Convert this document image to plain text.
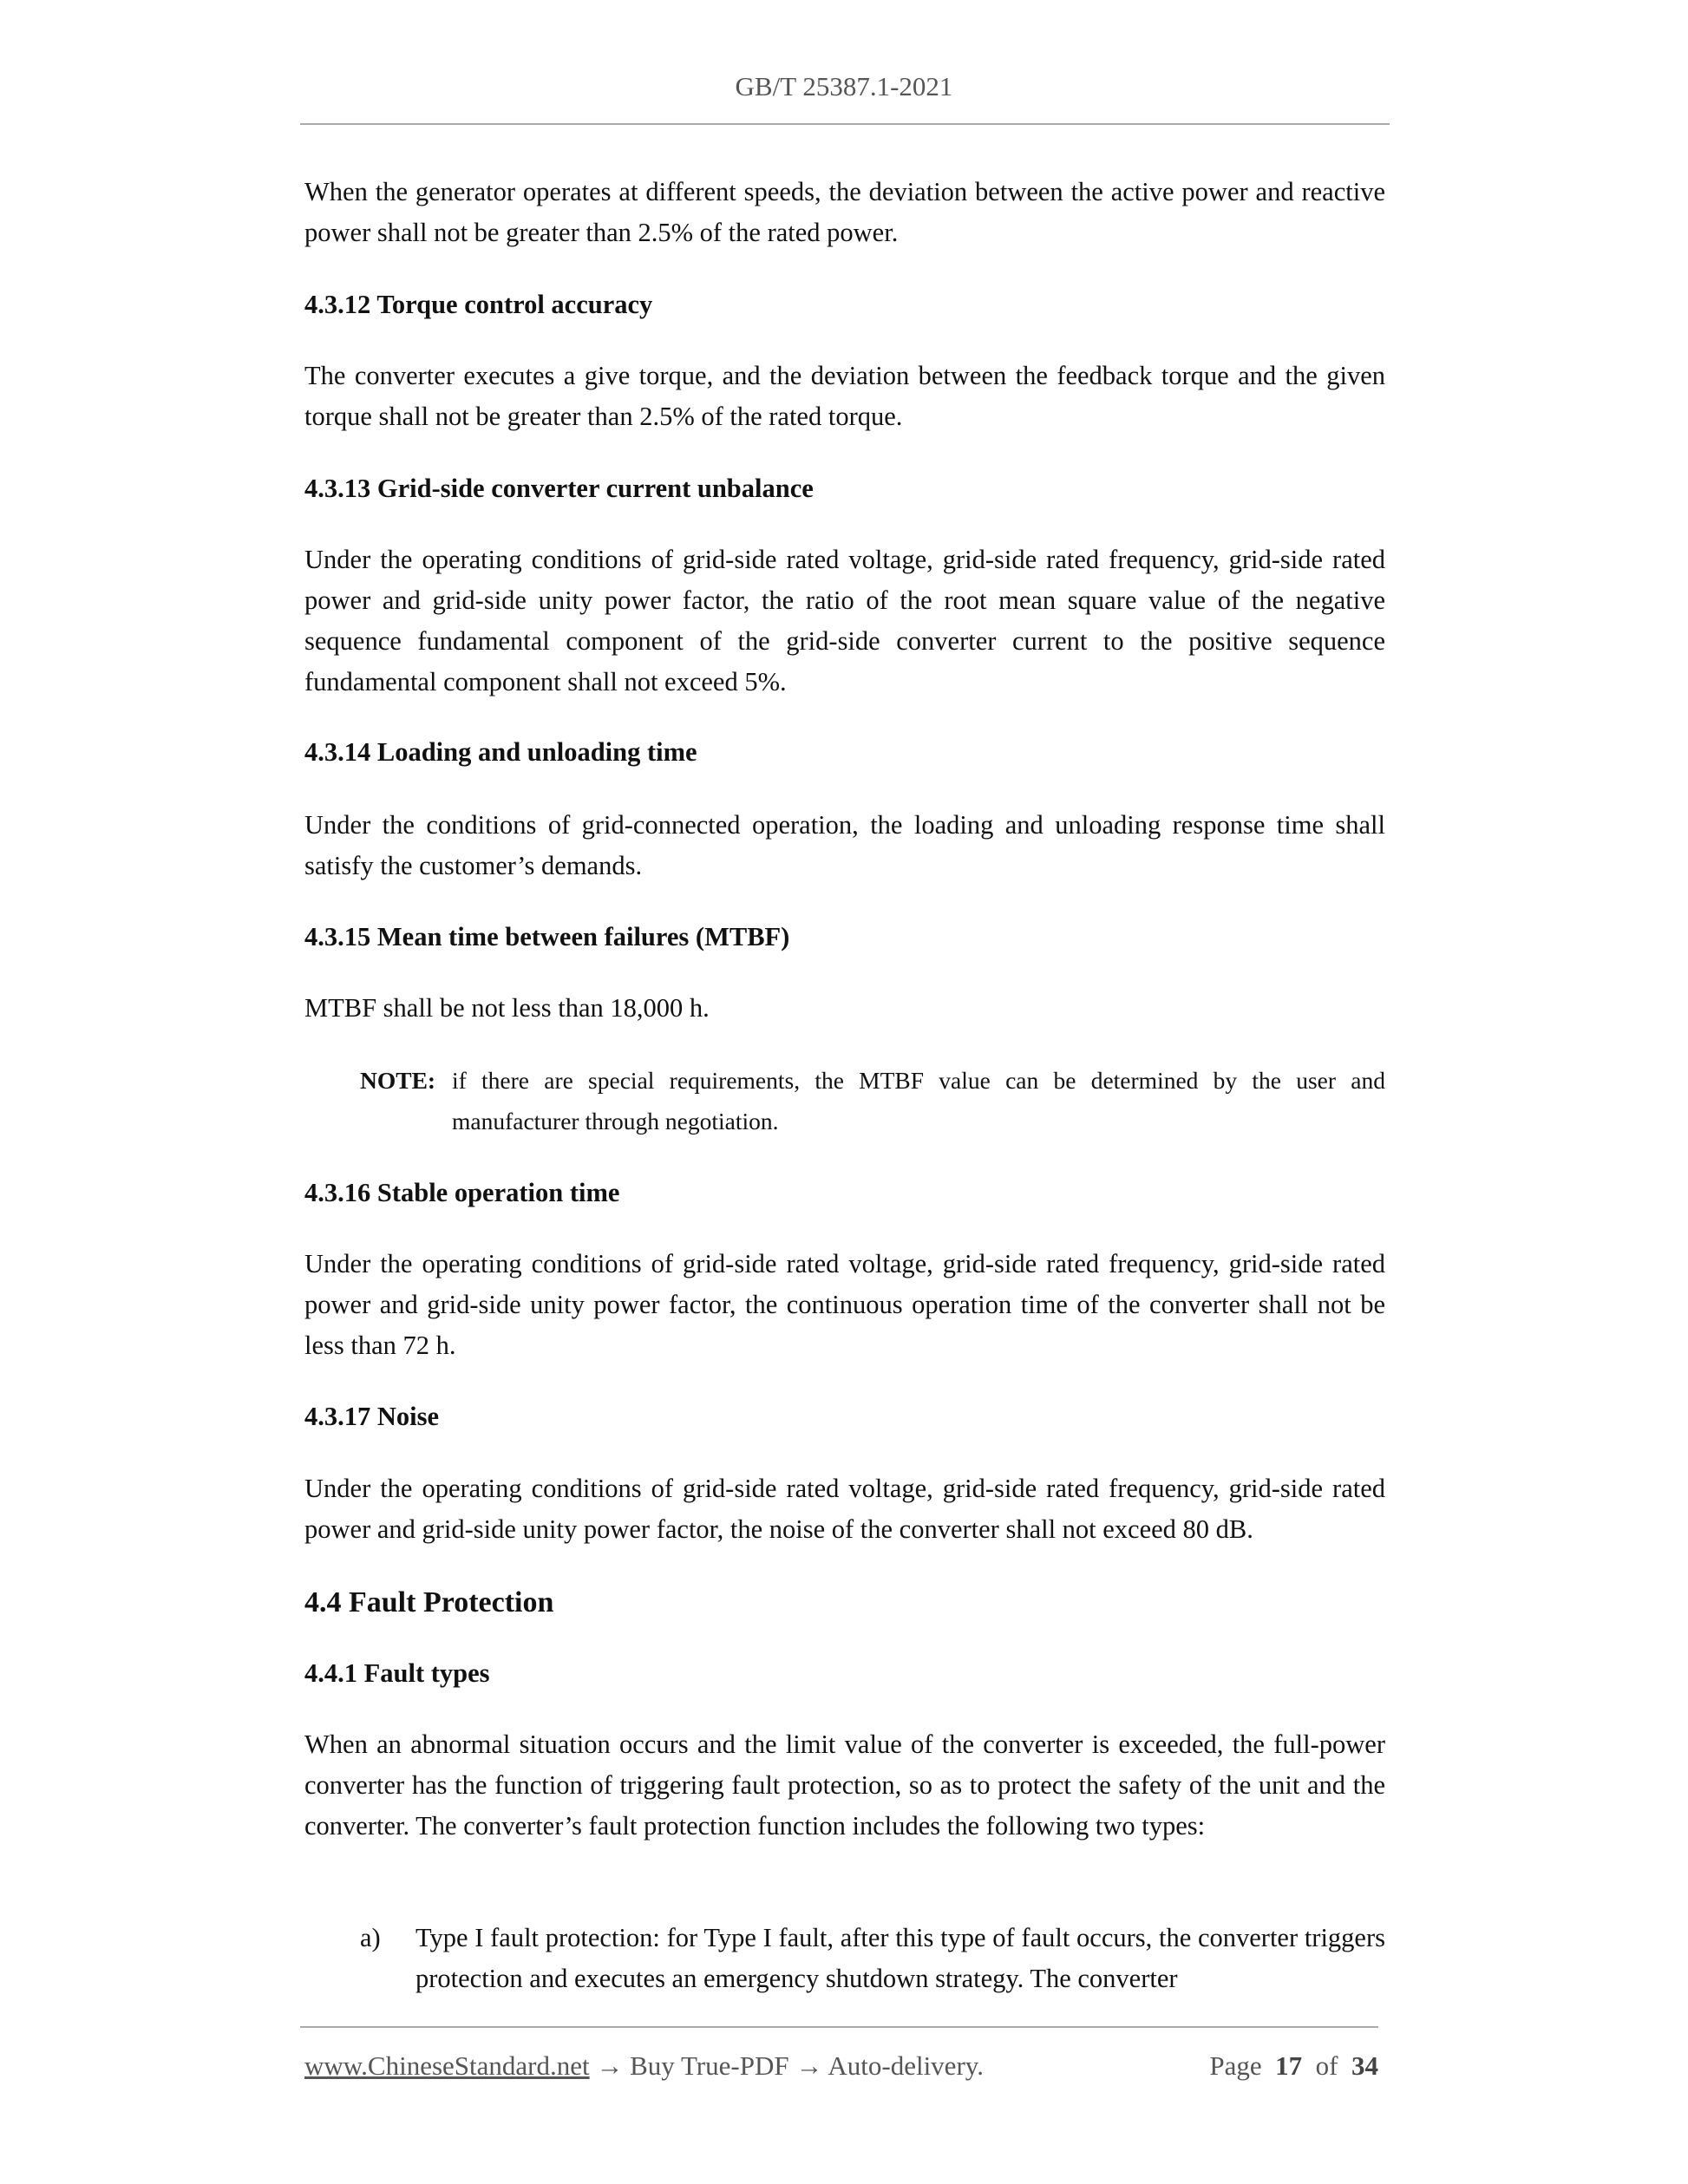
GB/T 25387.1-2021

When the generator operates at different speeds, the deviation between the active power and reactive power shall not be greater than 2.5% of the rated power.

4.3.12 Torque control accuracy

The converter executes a give torque, and the deviation between the feedback torque and the given torque shall not be greater than 2.5% of the rated torque.

4.3.13 Grid-side converter current unbalance

Under the operating conditions of grid-side rated voltage, grid-side rated frequency, grid-side rated power and grid-side unity power factor, the ratio of the root mean square value of the negative sequence fundamental component of the grid-side converter current to the positive sequence fundamental component shall not exceed 5%.

4.3.14 Loading and unloading time

Under the conditions of grid-connected operation, the loading and unloading response time shall satisfy the customer’s demands.

4.3.15 Mean time between failures (MTBF)

MTBF shall be not less than 18,000 h.

NOTE: if there are special requirements, the MTBF value can be determined by the user and manufacturer through negotiation.

4.3.16 Stable operation time

Under the operating conditions of grid-side rated voltage, grid-side rated frequency, grid-side rated power and grid-side unity power factor, the continuous operation time of the converter shall not be less than 72 h.

4.3.17 Noise

Under the operating conditions of grid-side rated voltage, grid-side rated frequency, grid-side rated power and grid-side unity power factor, the noise of the converter shall not exceed 80 dB.

4.4 Fault Protection

4.4.1 Fault types

When an abnormal situation occurs and the limit value of the converter is exceeded, the full-power converter has the function of triggering fault protection, so as to protect the safety of the unit and the converter. The converter’s fault protection function includes the following two types:

a)	Type I fault protection: for Type I fault, after this type of fault occurs, the converter triggers protection and executes an emergency shutdown strategy. The converter
www.ChineseStandard.net → Buy True-PDF → Auto-delivery.	Page 17 of 34
